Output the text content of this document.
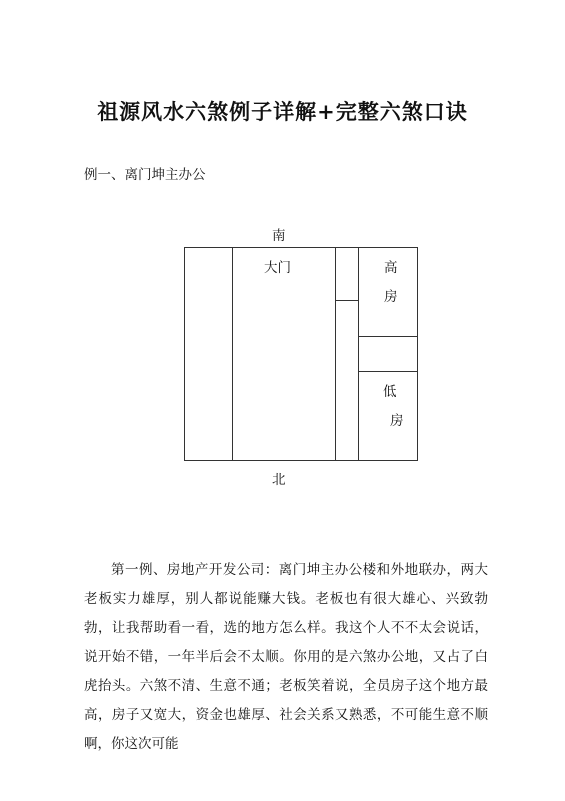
祖源风水六煞例子详解+完整六煞口诀
例一、离门坤主办公
南
大门	高
房
低
房
北

第一例、房地产开发公司：离门坤主办公楼和外地联办，两大老板实力雄厚，别人都说能赚大钱。老板也有很大雄心、兴致勃勃，让我帮助看一看，选的地方怎么样。我这个人不不太会说话，说开始不错，一年半后会不太顺。你用的是六煞办公地，又占了白虎抬头。六煞不清、生意不通；老板笑着说，全员房子这个地方最高，房子又宽大，资金也雄厚、社会关系又熟悉，不可能生意不顺啊，你这次可能
